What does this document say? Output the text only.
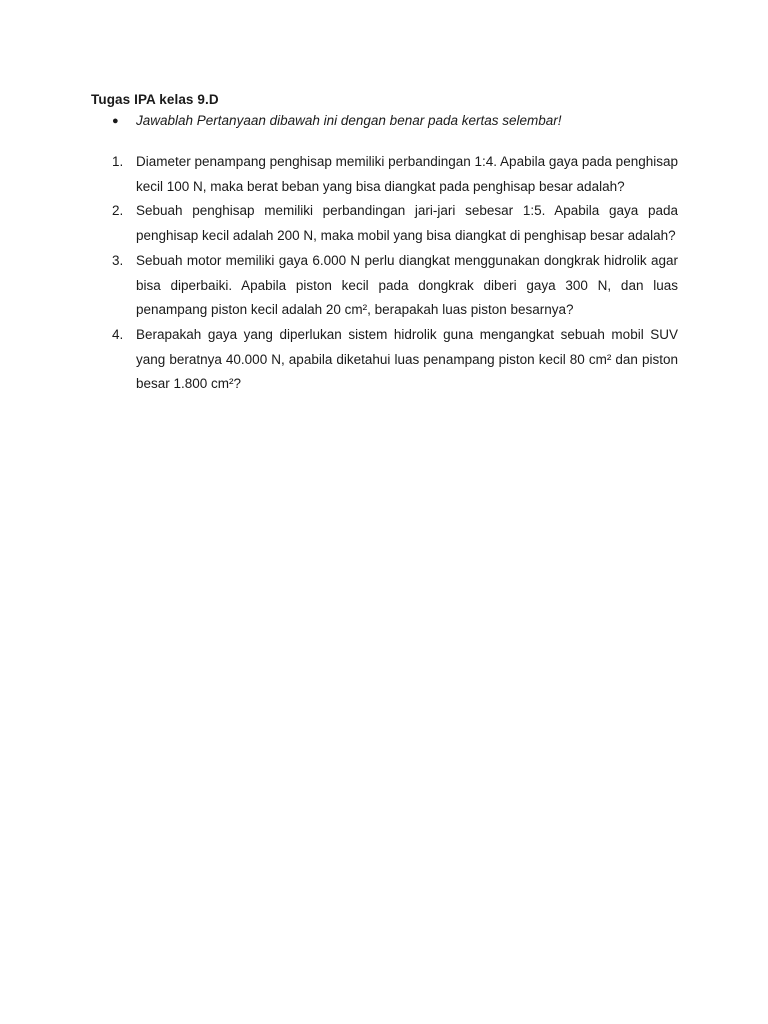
Tugas IPA kelas 9.D
● Jawablah Pertanyaan dibawah ini dengan benar pada kertas selembar!
1. Diameter penampang penghisap memiliki perbandingan 1:4. Apabila gaya pada penghisap kecil 100 N, maka berat beban yang bisa diangkat pada penghisap besar adalah?
2. Sebuah penghisap memiliki perbandingan jari-jari sebesar 1:5. Apabila gaya pada penghisap kecil adalah 200 N, maka mobil yang bisa diangkat di penghisap besar adalah?
3. Sebuah motor memiliki gaya 6.000 N perlu diangkat menggunakan dongkrak hidrolik agar bisa diperbaiki. Apabila piston kecil pada dongkrak diberi gaya 300 N, dan luas penampang piston kecil adalah 20 cm², berapakah luas piston besarnya?
4. Berapakah gaya yang diperlukan sistem hidrolik guna mengangkat sebuah mobil SUV yang beratnya 40.000 N, apabila diketahui luas penampang piston kecil 80 cm² dan piston besar 1.800 cm²?
